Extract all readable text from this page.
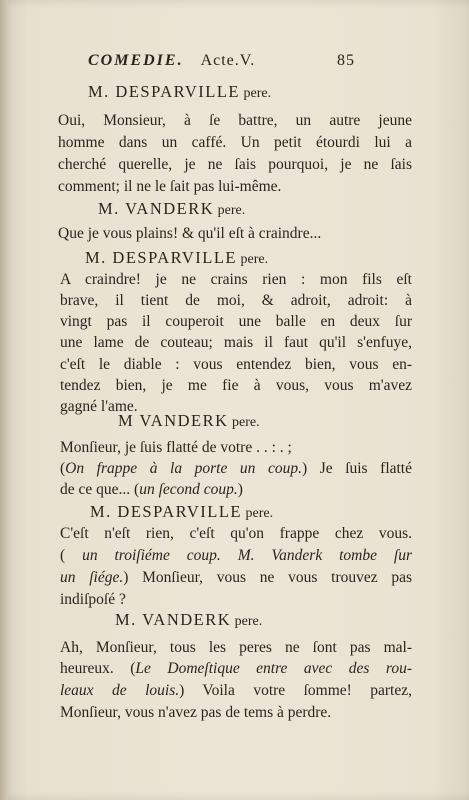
COMEDIE. Acte.V.	85
M. DESPARVILLE pere.
Oui, Monsieur, à ſe battre, un autre jeune
homme dans un caffé. Un petit étourdi lui a
cherché querelle, je ne ſais pourquoi, je ne ſais
comment; il ne le ſait pas lui-même.
M. VANDERK pere.
Que je vous plains! & qu'il eſt à craindre...
M. DESPARVILLE pere.
A craindre! je ne crains rien : mon fils eſt
brave, il tient de moi, & adroit, adroit: à
vingt pas il couperoit une balle en deux ſur
une lame de couteau; mais il faut qu'il s'enfuye,
c'eſt le diable : vous entendez bien, vous en-
tendez bien, je me fie à vous, vous m'avez
gagné l'ame.
M VANDERK pere.
Monſieur, je ſuis flatté de votre . . : . ;
(On frappe à la porte un coup.) Je ſuis flatté
de ce que... (un ſecond coup.)
M. DESPARVILLE pere.
C'eſt n'eſt rien, c'eſt qu'on frappe chez vous.
( un troiſiéme coup. M. Vanderk tombe ſur
un ſiége.) Monſieur, vous ne vous trouvez pas
indiſpoſé ?
M. VANDERK pere.
Ah, Monſieur, tous les peres ne ſont pas mal-
heureux. (Le Domeſtique entre avec des rou-
leaux de louis.) Voila votre ſomme! partez,
Monſieur, vous n'avez pas de tems à perdre.
